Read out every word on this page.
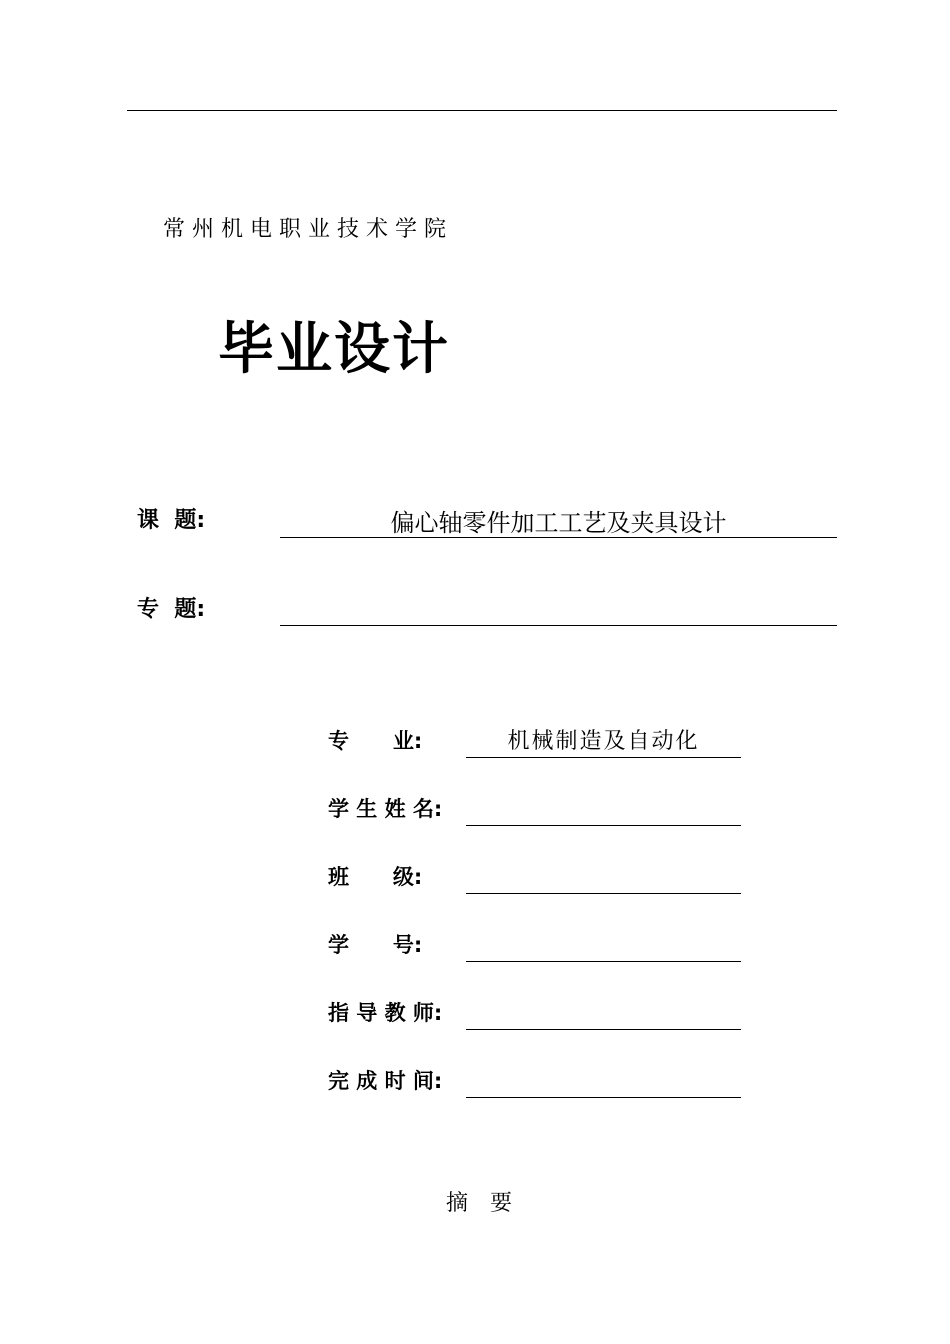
常州机电职业技术学院
毕业设计
课  题:	偏心轴零件加工工艺及夹具设计
专  题:
专      业:	机械制造及自动化
学 生 姓 名:
班      级:
学      号:
指 导 教 师:
完 成 时 间:
摘要
